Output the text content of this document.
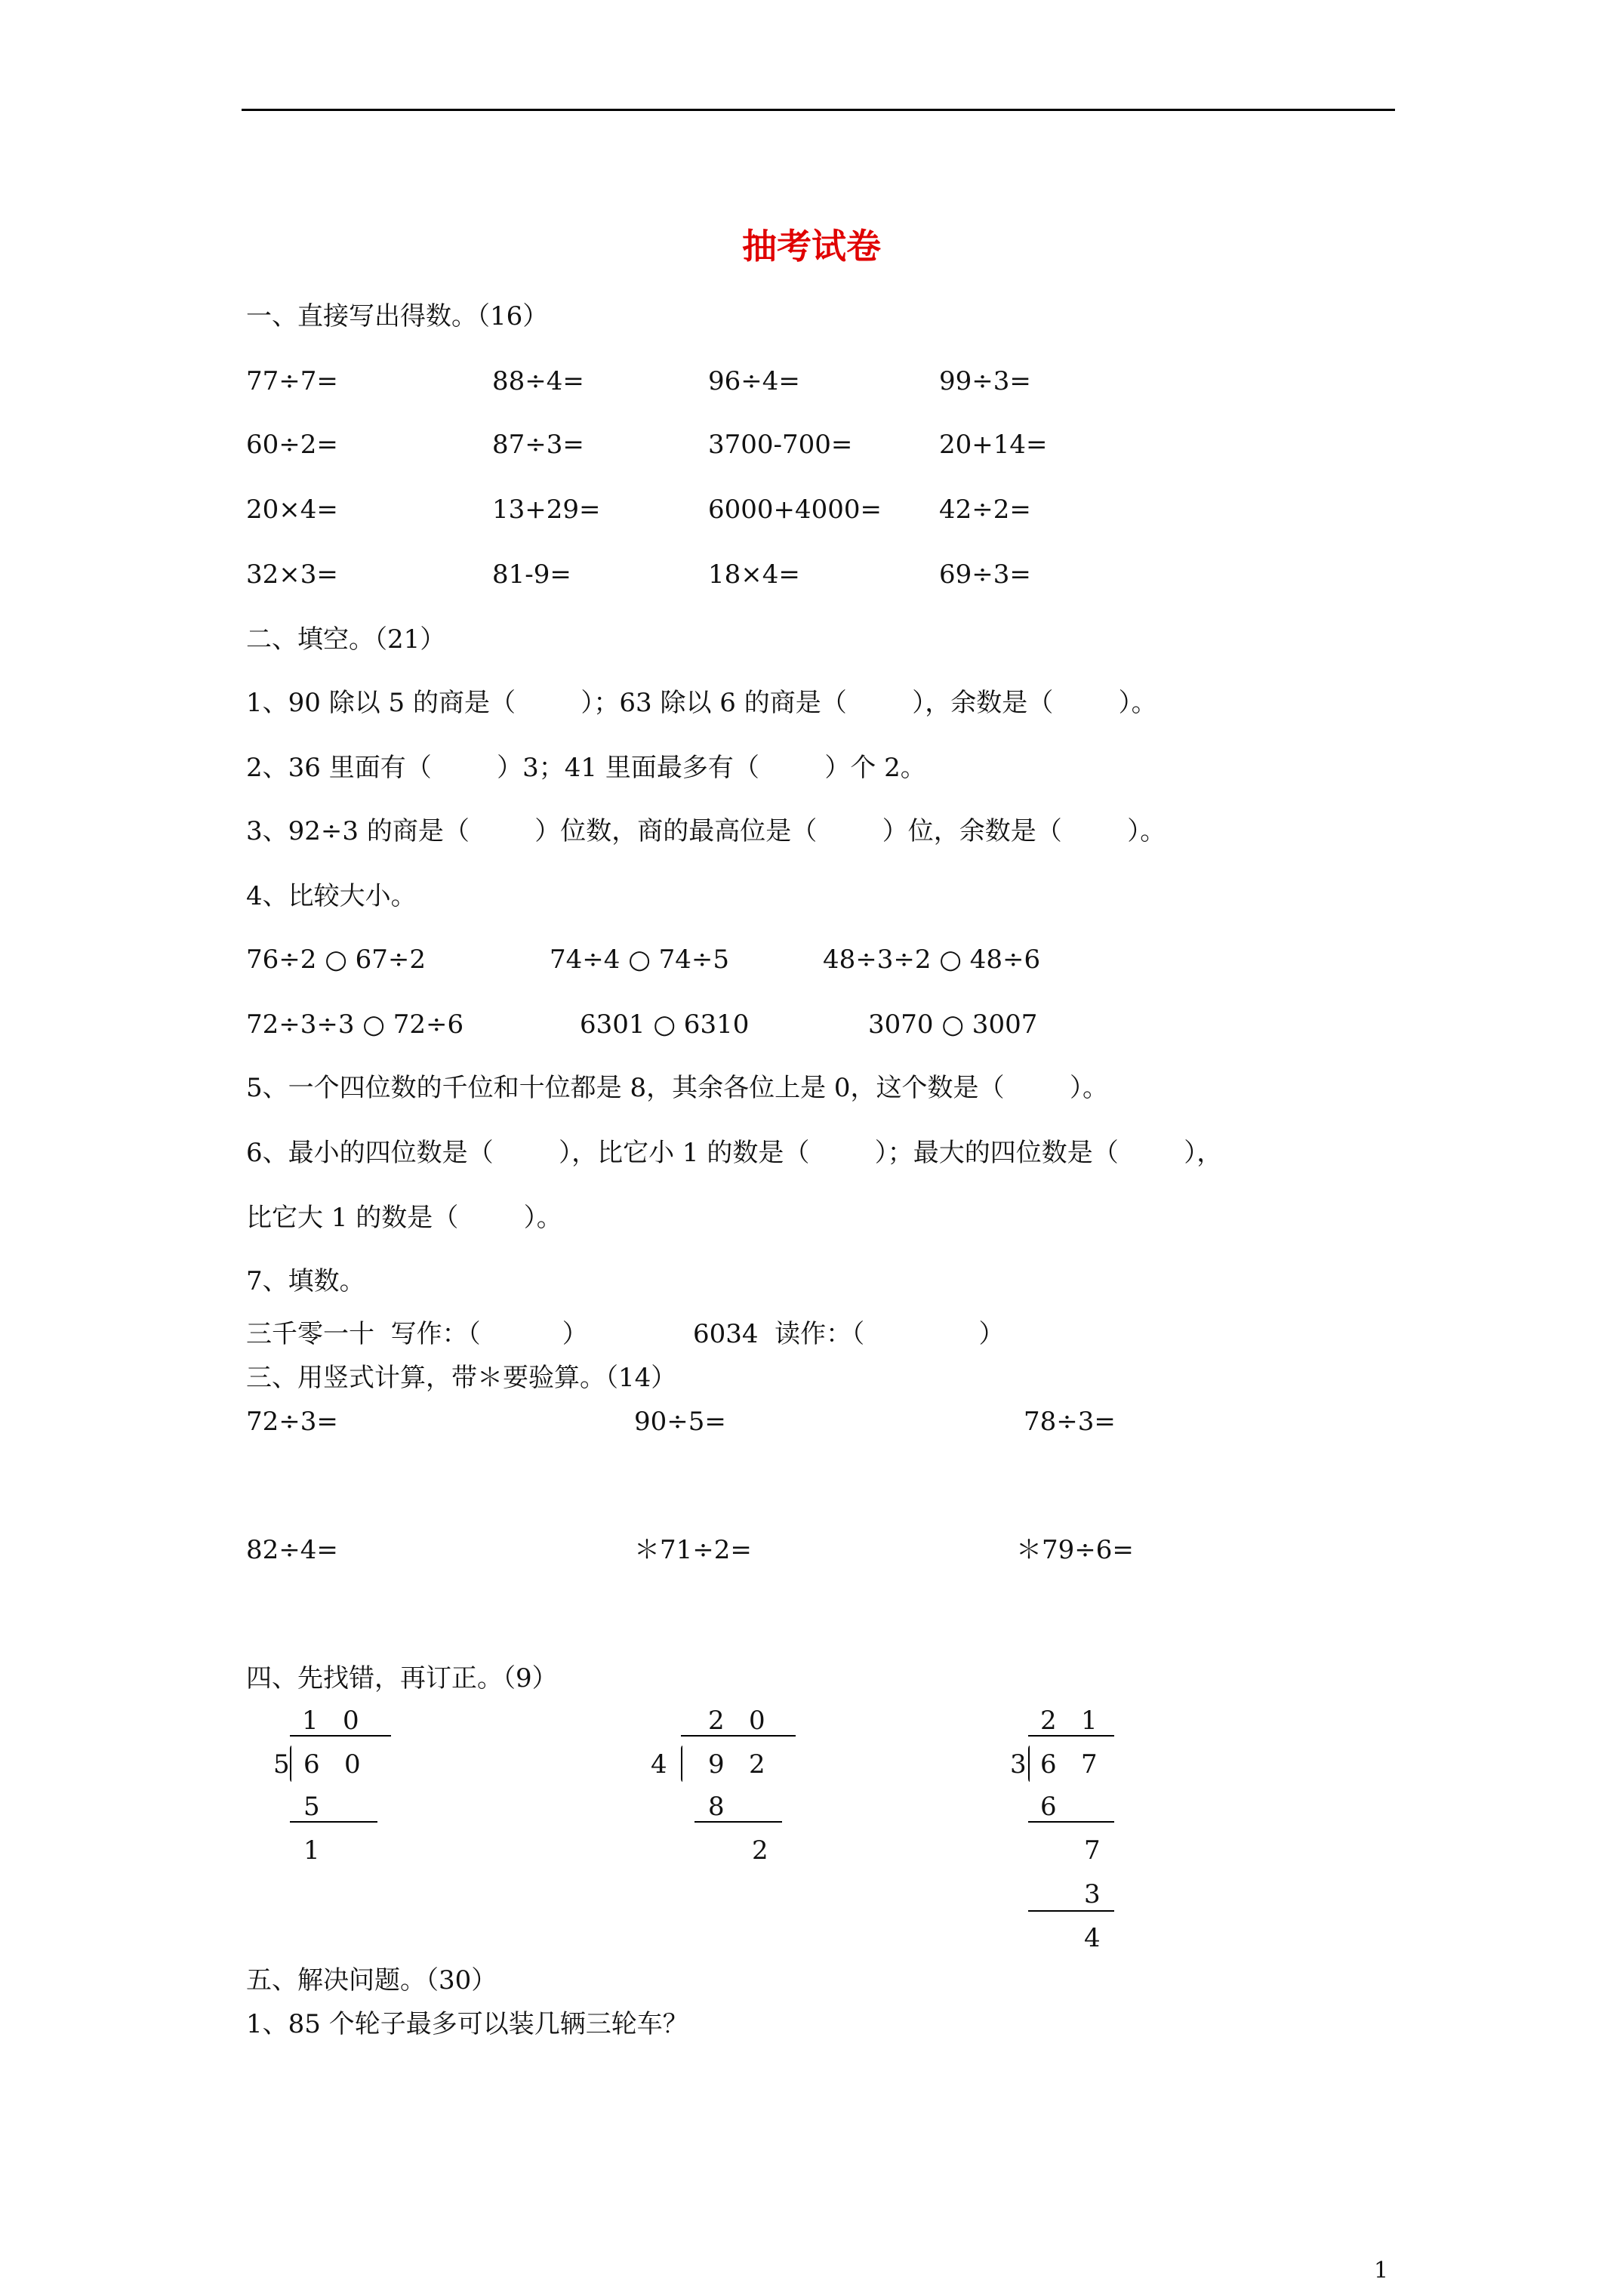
抽考试卷
一、直接写出得数。（16）
77÷7=	88÷4=	96÷4=	99÷3=
60÷2=	87÷3=	3700-700=	20+14=
20×4=	13+29=	6000+4000= 42÷2=
32×3=	81-9=	18×4=	69÷3=
二、填空。（21）
1、90 除以 5 的商是（        ）；63 除以 6 的商是（        ），余数是（        ）。
2、36 里面有（        ）3；41 里面最多有（        ）个 2。
3、92÷3 的商是（        ）位数，商的最高位是（        ）位，余数是（        ）。
4、比较大小。
76÷2 ○ 67÷2	74÷4 ○ 74÷5	48÷3÷2 ○ 48÷6
72÷3÷3 ○ 72÷6	6301 ○ 6310	3070 ○ 3007
5、一个四位数的千位和十位都是 8，其余各位上是 0，这个数是（        ）。
6、最小的四位数是（        ），比它小 1 的数是（        ）；最大的四位数是（        ），
比它大 1 的数是（        ）。
7、填数。
三千零一十  写作：（          ）	6034  读作：（              ）
三、用竖式计算，带＊要验算。（14）
72÷3=	90÷5=	78÷3=
82÷4=	＊71÷2=	＊79÷6=
四、先找错，再订正。（9）
1   0
5 6   0
5
1
2   0
4 9   2
8
2
2   1
3 6   7
6
7
3
4
五、解决问题。（30）
1、85 个轮子最多可以装几辆三轮车？
1
